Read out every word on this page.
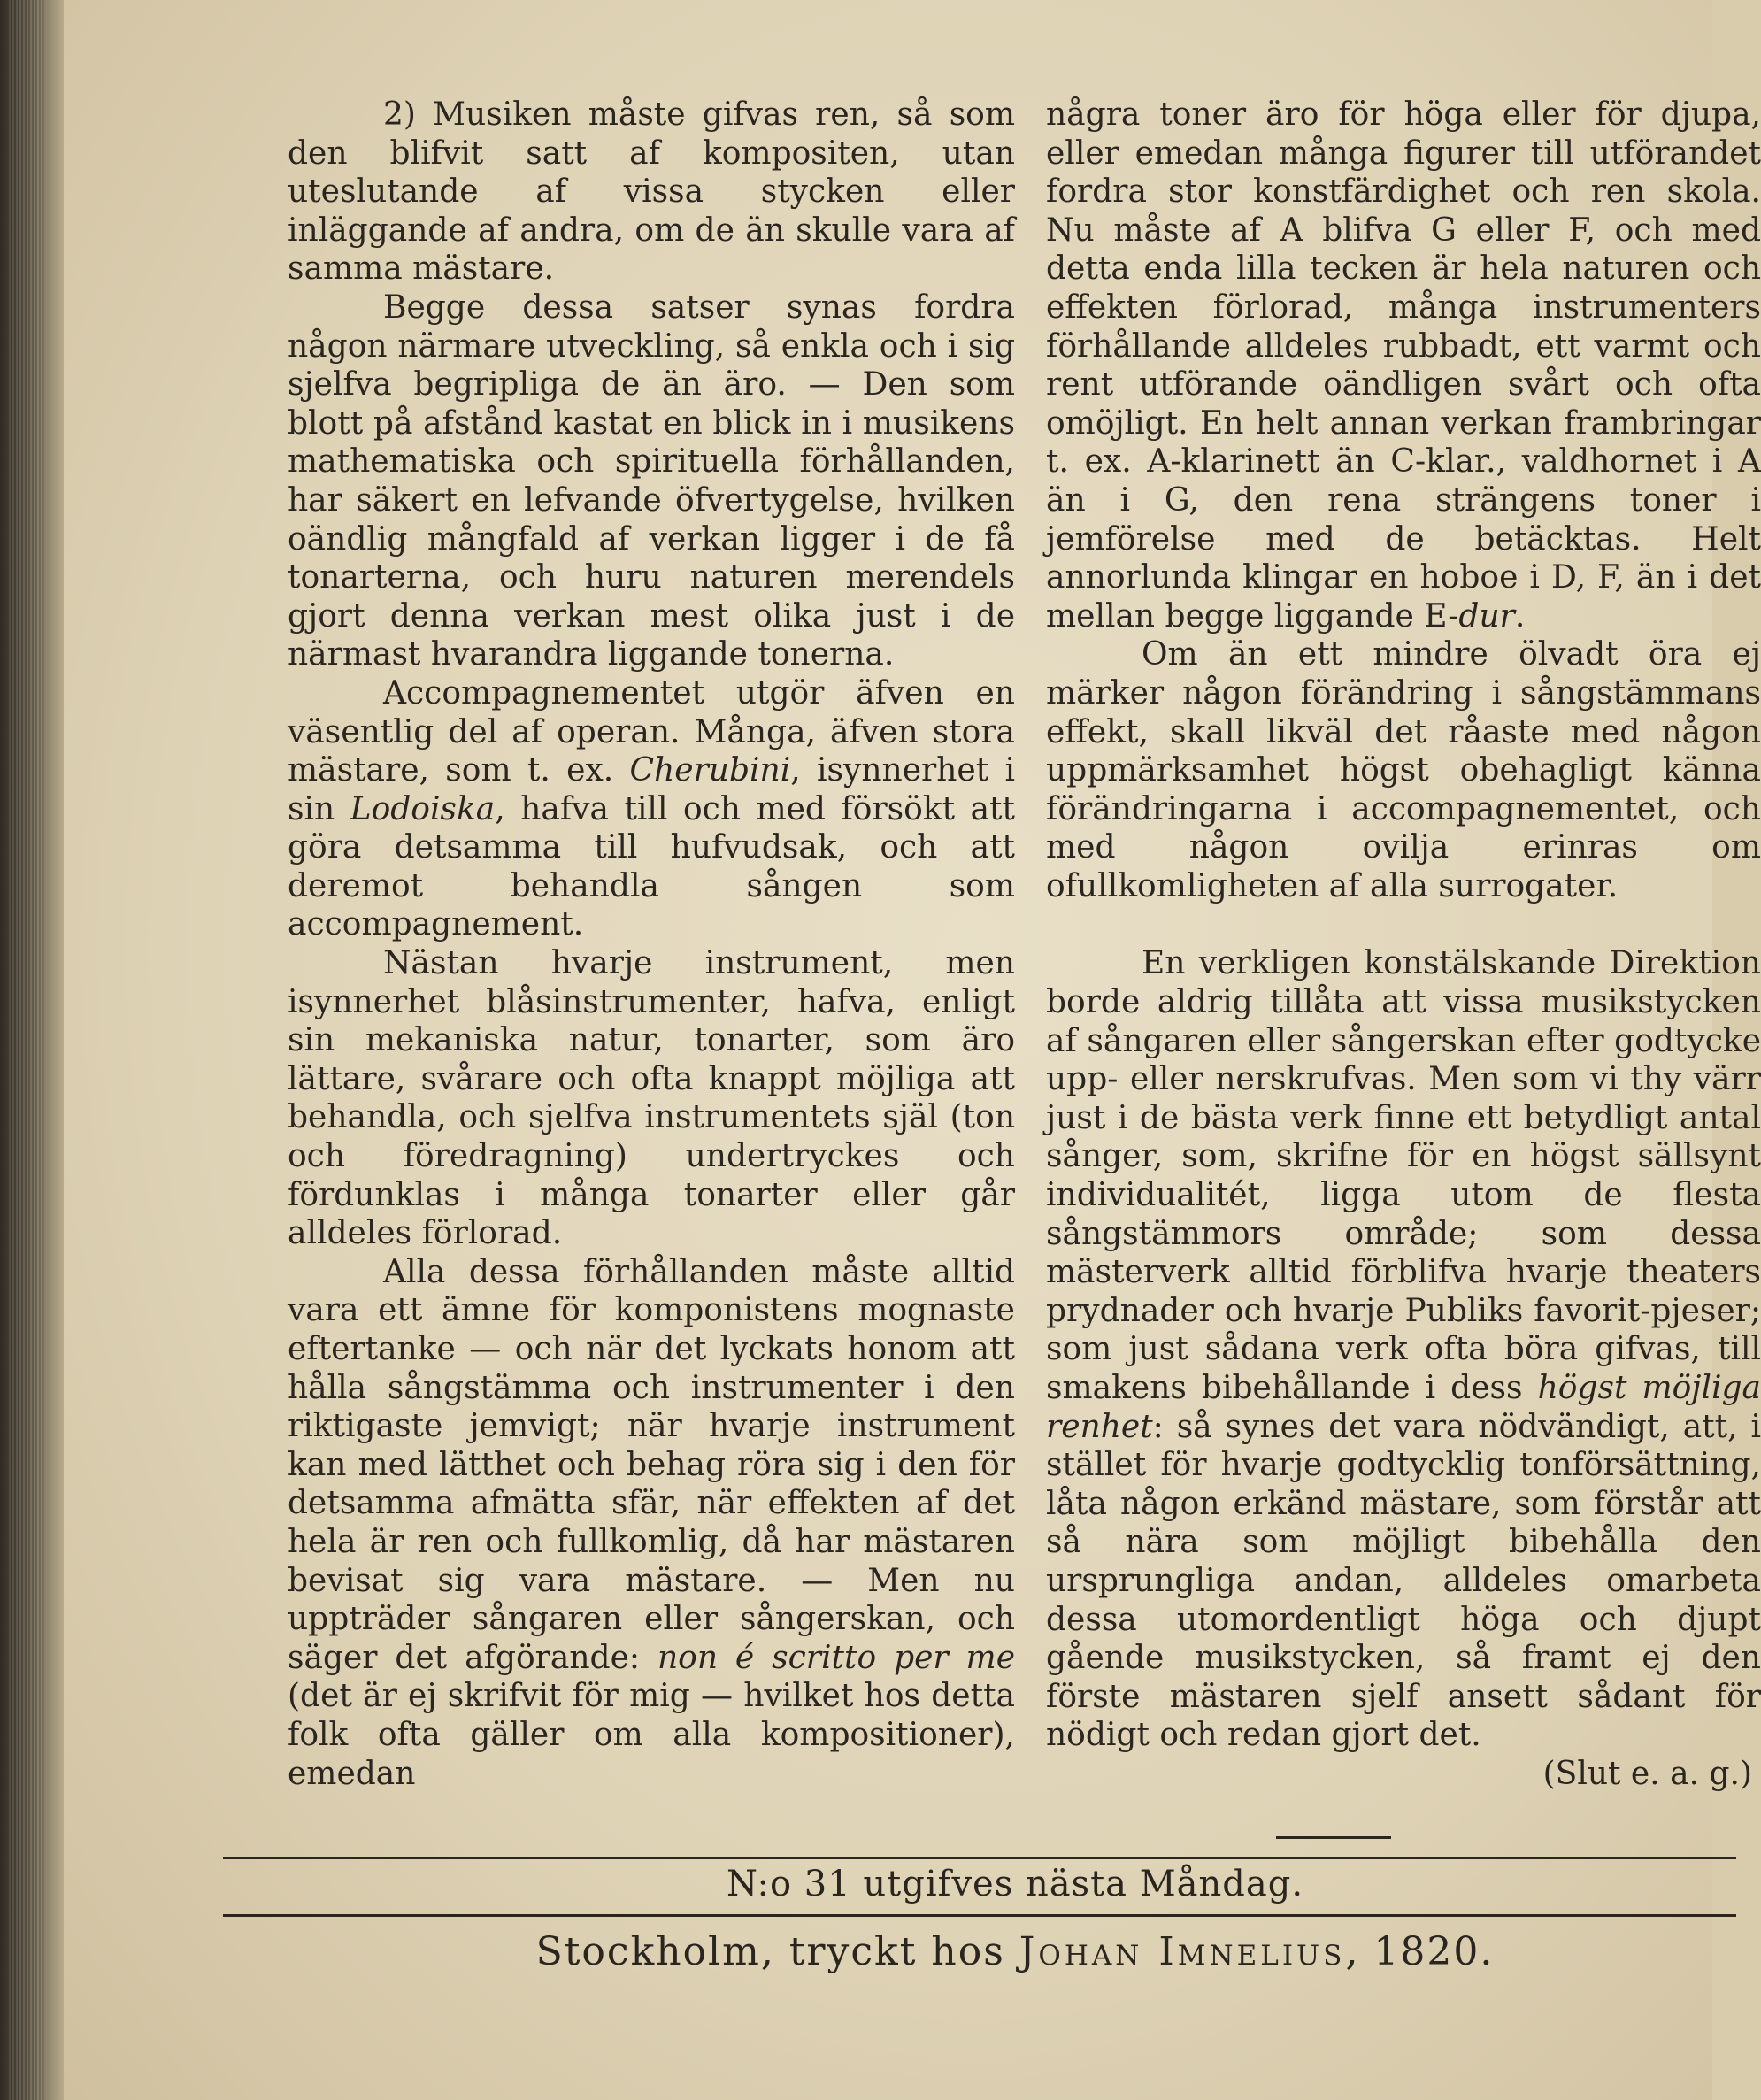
2) Musiken måste gifvas ren, så som den blifvit satt af kompositen, utan uteslutande af vissa stycken eller inläggande af andra, om de än skulle vara af samma mästare.

Begge dessa satser synas fordra någon närmare utveckling, så enkla och i sig sjelfva begripliga de än äro. — Den som blott på afstånd kastat en blick in i musikens mathematiska och spirituella förhållanden, har säkert en lefvande öfvertygelse, hvilken oändlig mångfald af verkan ligger i de få tonarterna, och huru naturen merendels gjort denna verkan mest olika just i de närmast hvarandra liggande tonerna.

Accompagnementet utgör äfven en väsentlig del af operan. Många, äfven stora mästare, som t. ex. Cherubini, isynnerhet i sin Lodoiska, hafva till och med försökt att göra detsamma till hufvudsak, och att deremot behandla sången som accompagnement.

Nästan hvarje instrument, men isynnerhet blåsinstrumenter, hafva, enligt sin mekaniska natur, tonarter, som äro lättare, svårare och ofta knappt möjliga att behandla, och sjelfva instrumentets själ (ton och föredragning) undertryckes och fördunklas i många tonarter eller går alldeles förlorad.

Alla dessa förhållanden måste alltid vara ett ämne för komponistens mognaste eftertanke — och när det lyckats honom att hålla sångstämma och instrumenter i den riktigaste jemvigt; när hvarje instrument kan med lätthet och behag röra sig i den för detsamma afmätta sfär, när effekten af det hela är ren och fullkomlig, då har mästaren bevisat sig vara mästare. — Men nu uppträder sångaren eller sångerskan, och säger det afgörande: non é scritto per me (det är ej skrifvit för mig — hvilket hos detta folk ofta gäller om alla kompositioner), emedan

några toner äro för höga eller för djupa, eller emedan många figurer till utförandet fordra stor konstfärdighet och ren skola. Nu måste af A blifva G eller F, och med detta enda lilla tecken är hela naturen och effekten förlorad, många instrumenters förhållande alldeles rubbadt, ett varmt och rent utförande oändligen svårt och ofta omöjligt. En helt annan verkan frambringar t. ex. A-klarinett än C-klar., valdhornet i A än i G, den rena strängens toner i jemförelse med de betäcktas. Helt annorlunda klingar en hoboe i D, F, än i det mellan begge liggande E-dur.

Om än ett mindre ölvadt öra ej märker någon förändring i sångstämmans effekt, skall likväl det råaste med någon uppmärksamhet högst obehagligt känna förändringarna i accompagnementet, och med någon ovilja erinras om ofullkomligheten af alla surrogater.

En verkligen konstälskande Direktion borde aldrig tillåta att vissa musikstycken af sångaren eller sångerskan efter godtycke upp- eller nerskrufvas. Men som vi thy värr just i de bästa verk finne ett betydligt antal sånger, som, skrifne för en högst sällsynt individualitét, ligga utom de flesta sångstämmors område; som dessa mästerverk alltid förblifva hvarje theaters prydnader och hvarje Publiks favorit-pjeser; som just sådana verk ofta böra gifvas, till smakens bibehållande i dess högst möjliga renhet: så synes det vara nödvändigt, att, i stället för hvarje godtycklig tonförsättning, låta någon erkänd mästare, som förstår att så nära som möjligt bibehålla den ursprungliga andan, alldeles omarbeta dessa utomordentligt höga och djupt gående musikstycken, så framt ej den förste mästaren sjelf ansett sådant för nödigt och redan gjort det.

(Slut e. a. g.)

N:o 31 utgifves nästa Måndag.
Stockholm, tryckt hos Johan Imnelius, 1820.
